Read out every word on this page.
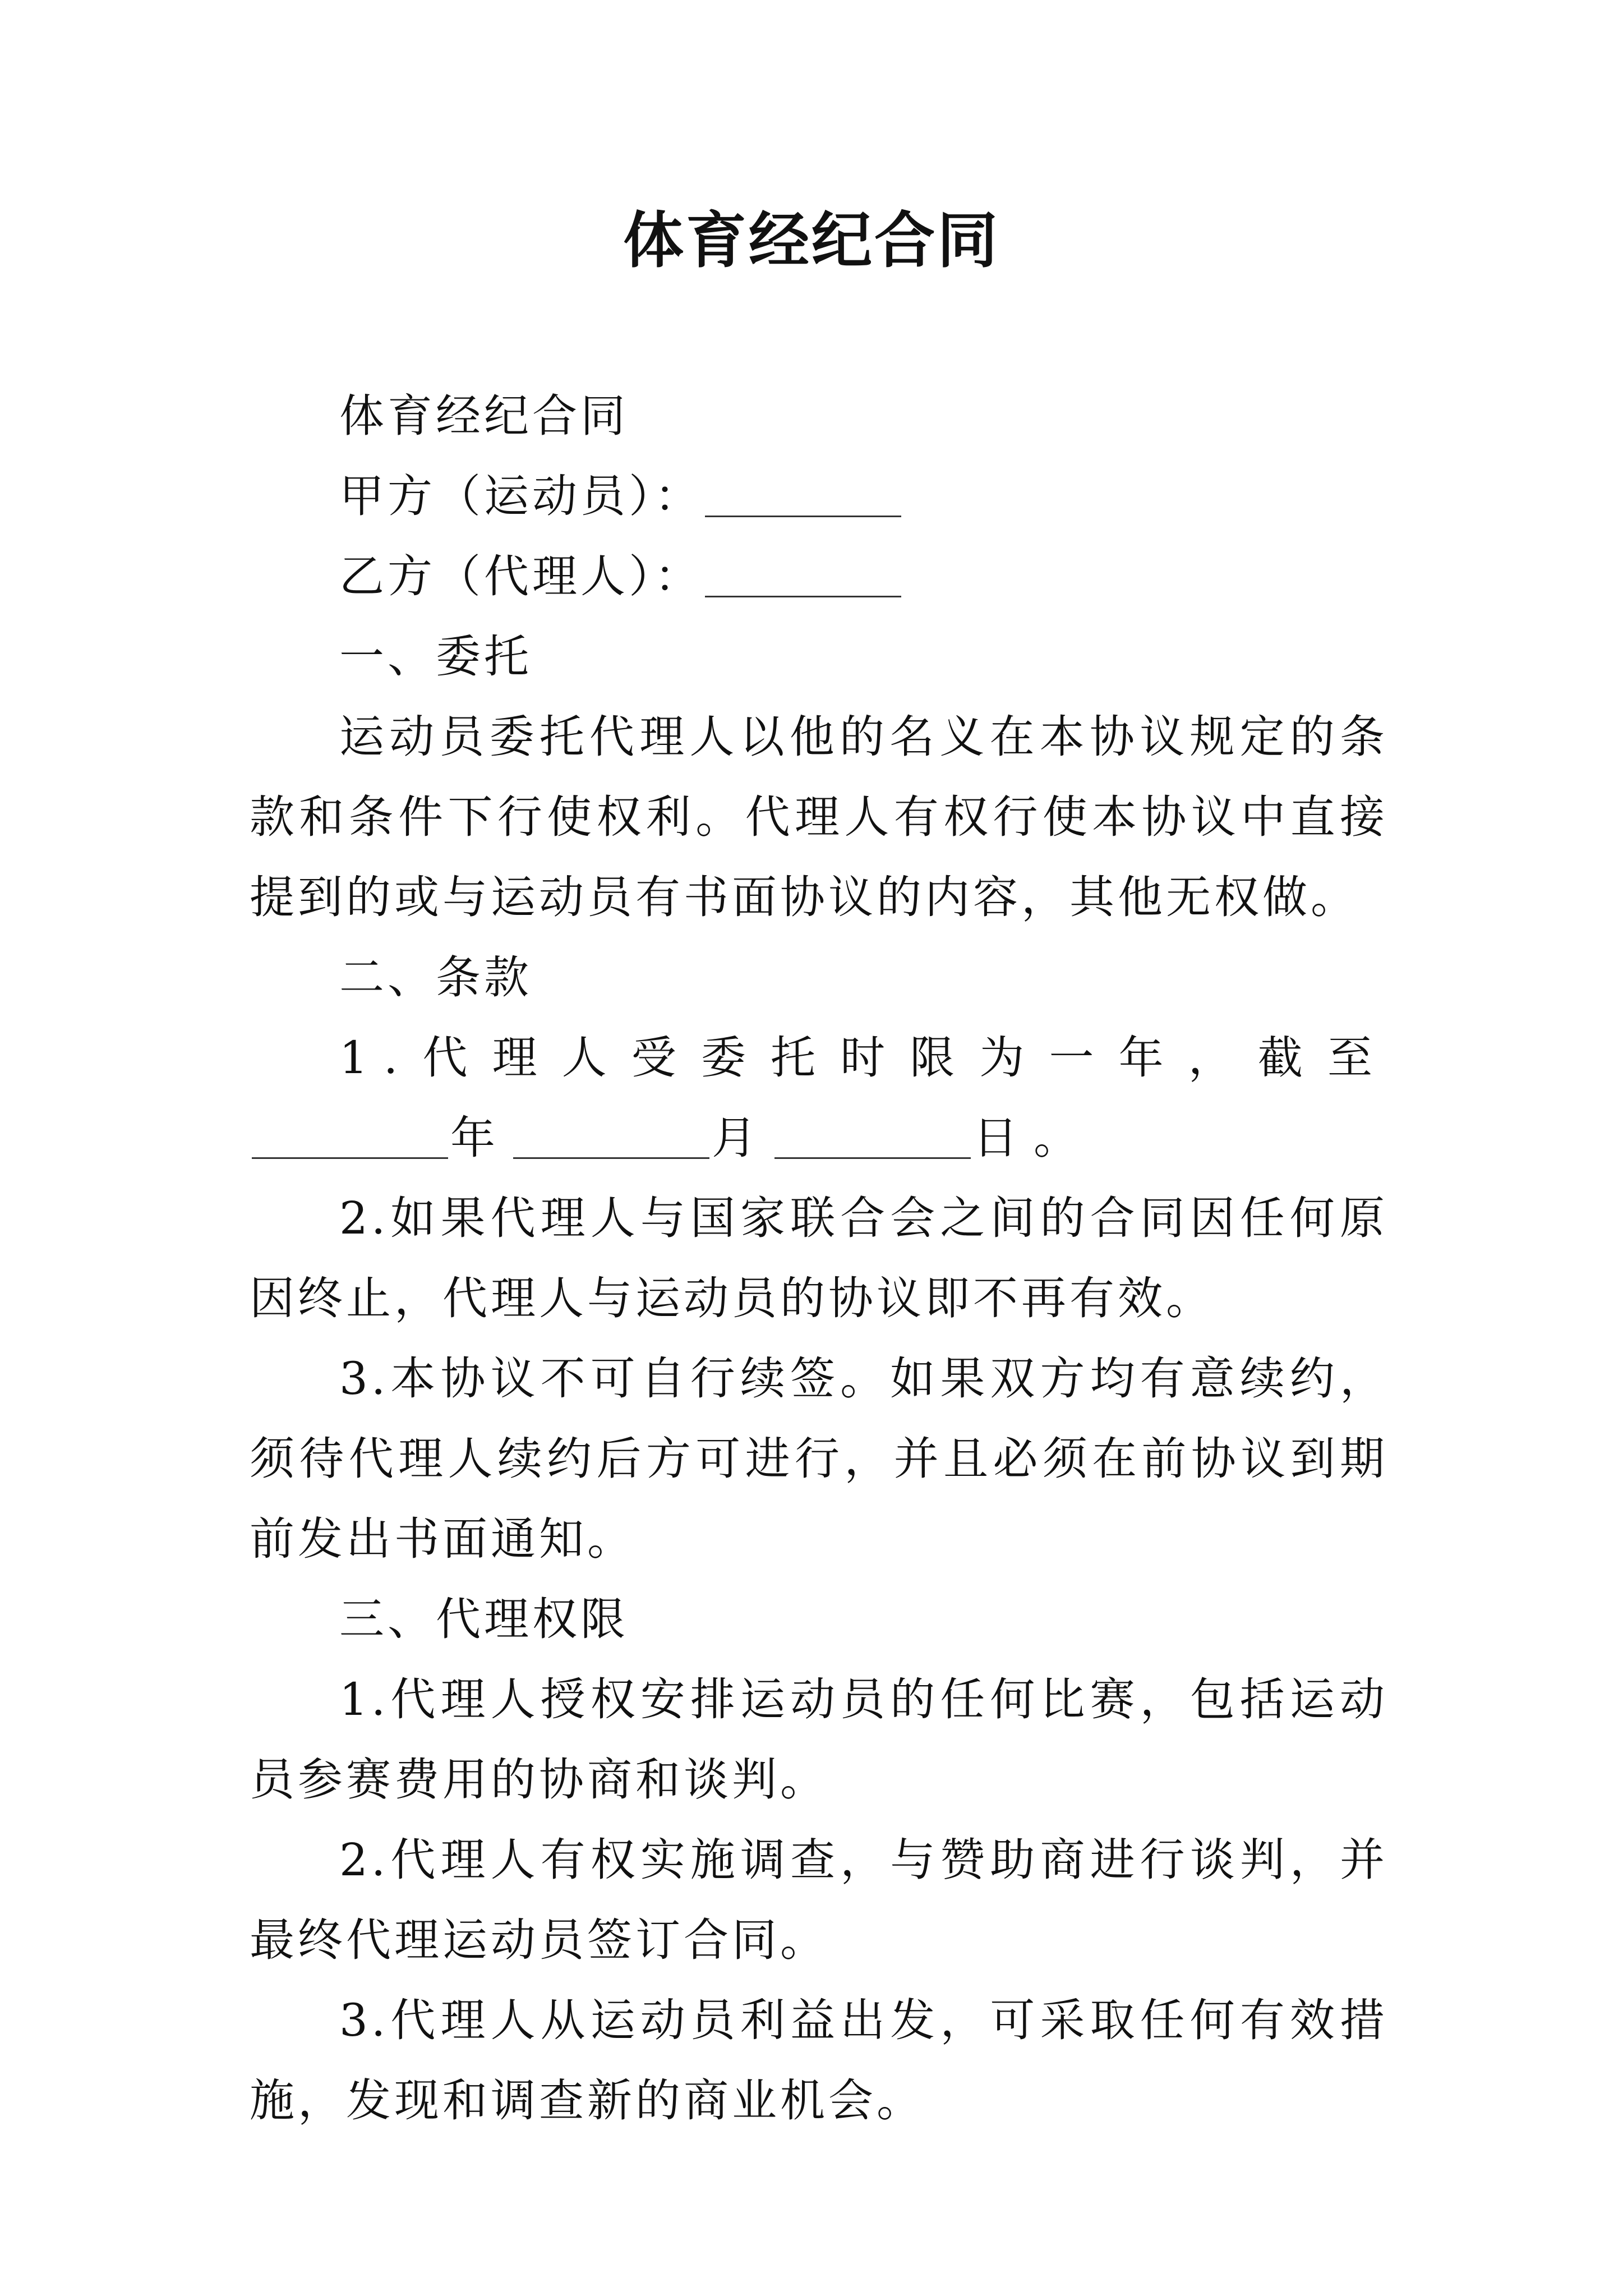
体育经纪合同

体育经纪合同

甲方（运动员）：

乙方（代理人）：

一、委托

运动员委托代理人以他的名义在本协议规定的条款和条件下行使权利。代理人有权行使本协议中直接提到的或与运动员有书面协议的内容，其他无权做。

二、条款

1.代理人受委托时限为一年，截至年	月	日。

2.如果代理人与国家联合会之间的合同因任何原因终止，代理人与运动员的协议即不再有效。

3.本协议不可自行续签。如果双方均有意续约，须待代理人续约后方可进行，并且必须在前协议到期前发出书面通知。

三、代理权限

1.代理人授权安排运动员的任何比赛，包括运动员参赛费用的协商和谈判。

2.代理人有权实施调查，与赞助商进行谈判，并最终代理运动员签订合同。

3.代理人从运动员利益出发，可采取任何有效措施，发现和调查新的商业机会。
